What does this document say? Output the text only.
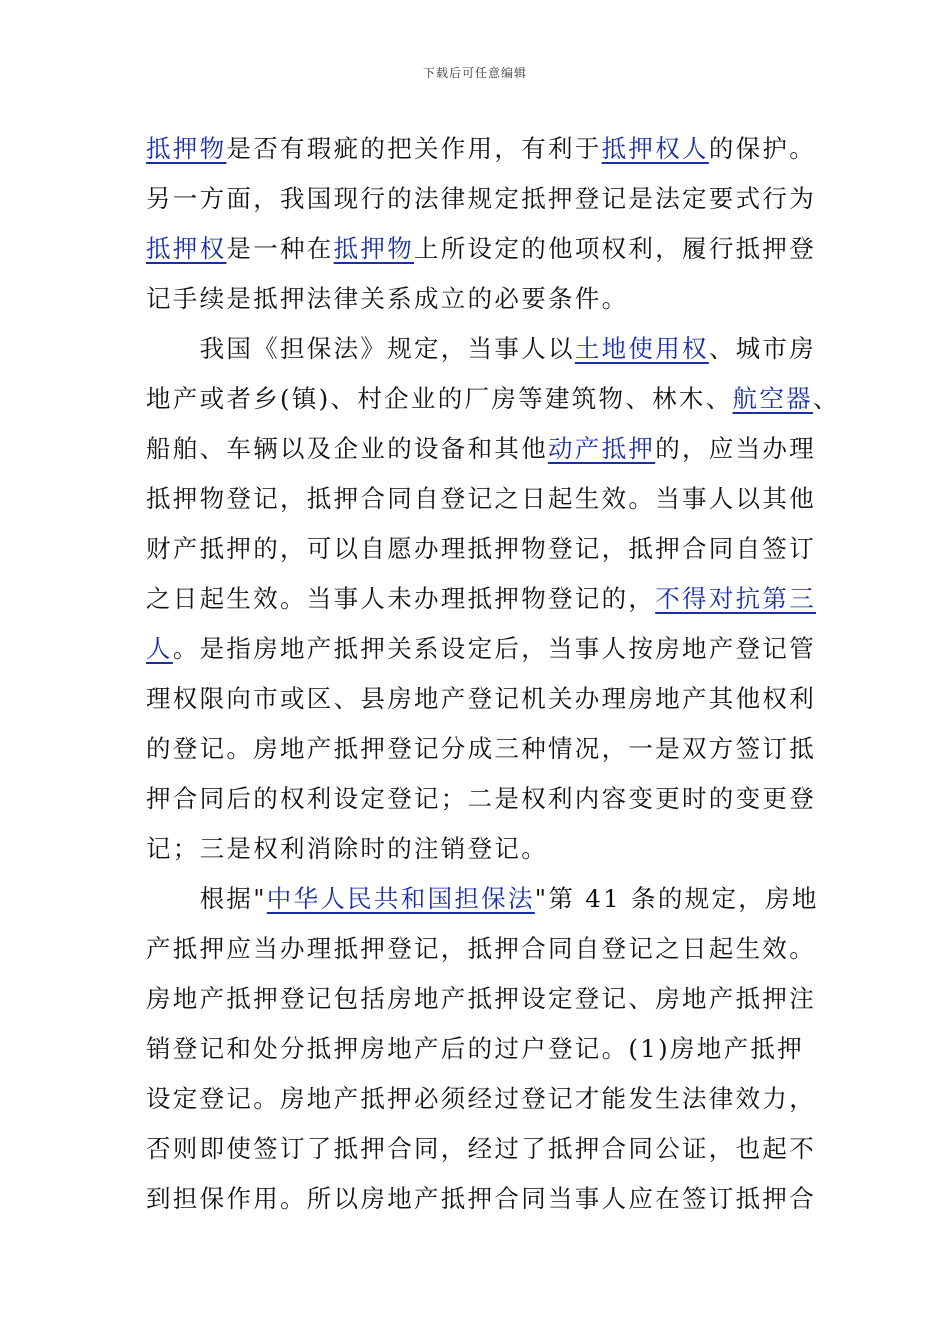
下载后可任意编辑
抵押物是否有瑕疵的把关作用，有利于抵押权人的保护。
另一方面，我国现行的法律规定抵押登记是法定要式行为
抵押权是一种在抵押物上所设定的他项权利，履行抵押登
记手续是抵押法律关系成立的必要条件。
　　我国《担保法》规定，当事人以土地使用权、城市房
地产或者乡(镇)、村企业的厂房等建筑物、林木、航空器、
船舶、车辆以及企业的设备和其他动产抵押的，应当办理
抵押物登记，抵押合同自登记之日起生效。当事人以其他
财产抵押的，可以自愿办理抵押物登记，抵押合同自签订
之日起生效。当事人未办理抵押物登记的，不得对抗第三
人。是指房地产抵押关系设定后，当事人按房地产登记管
理权限向市或区、县房地产登记机关办理房地产其他权利
的登记。房地产抵押登记分成三种情况，一是双方签订抵
押合同后的权利设定登记；二是权利内容变更时的变更登
记；三是权利消除时的注销登记。
　　根据"中华人民共和国担保法"第 41 条的规定，房地
产抵押应当办理抵押登记，抵押合同自登记之日起生效。
房地产抵押登记包括房地产抵押设定登记、房地产抵押注
销登记和处分抵押房地产后的过户登记。(1)房地产抵押
设定登记。房地产抵押必须经过登记才能发生法律效力，
否则即使签订了抵押合同，经过了抵押合同公证，也起不
到担保作用。所以房地产抵押合同当事人应在签订抵押合
